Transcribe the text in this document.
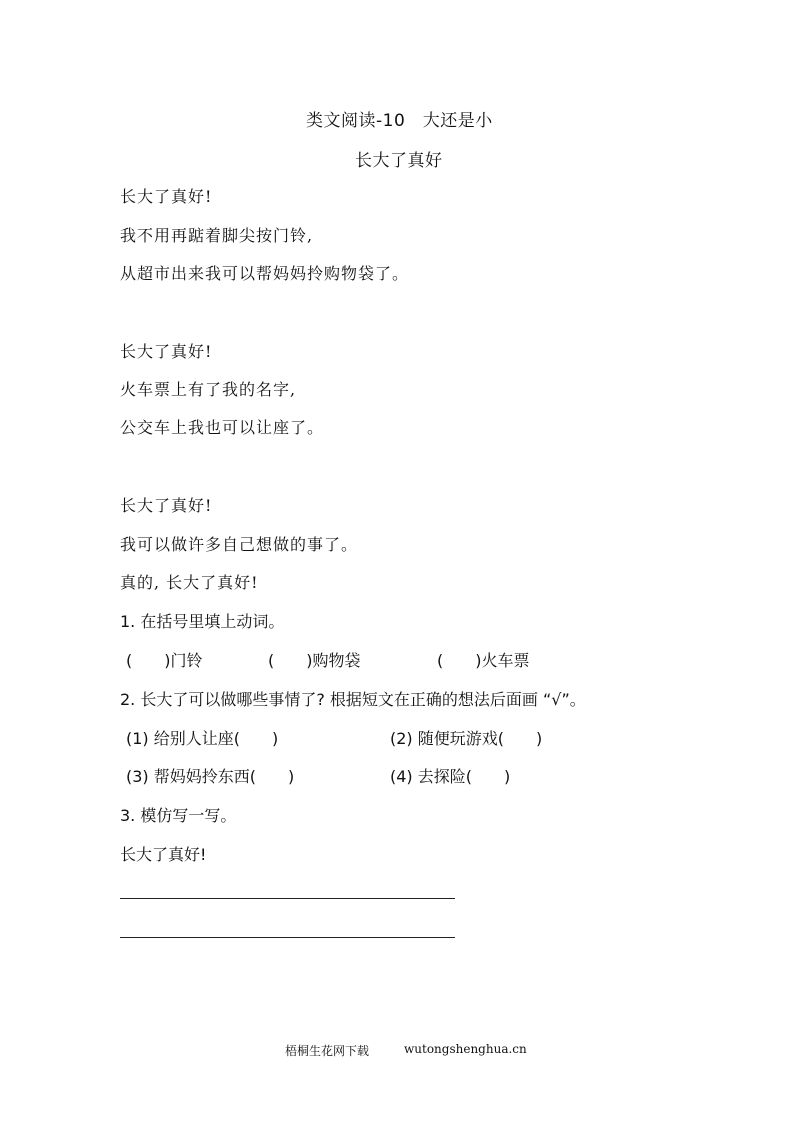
类文阅读-10　大还是小
长大了真好
长大了真好!
我不用再踮着脚尖按门铃,
从超市出来我可以帮妈妈拎购物袋了。
长大了真好!
火车票上有了我的名字,
公交车上我也可以让座了。
长大了真好!
我可以做许多自己想做的事了。
真的, 长大了真好!
1. 在括号里填上动词。
(　　)门铃	(　　)购物袋	(　　)火车票
2. 长大了可以做哪些事情了? 根据短文在正确的想法后面画 “√”。
(1) 给别人让座(　　)	(2) 随便玩游戏(　　)
(3) 帮妈妈拎东西(　　)	(4) 去探险(　　)
3. 模仿写一写。
长大了真好!
梧桐生花网下载	wutongshenghua.cn
